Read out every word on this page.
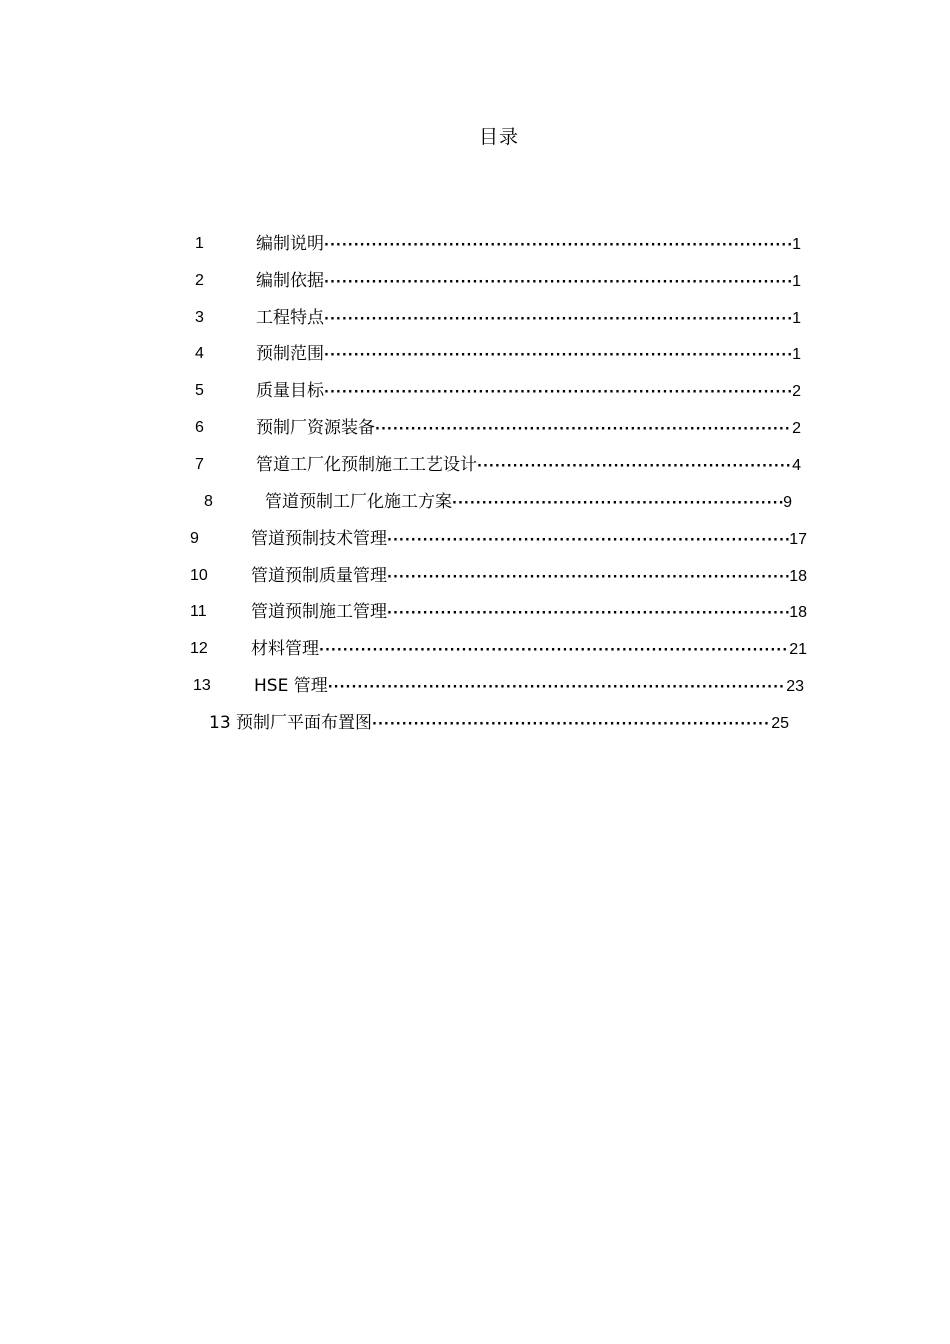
目录
1	编制说明 ·····	1
2	编制依据 ·····	1
3	工程特点 ·····	1
4	预制范围 ·····	1
5	质量目标 ·····	2
6	预制厂资源装备 ·····	2
7	管道工厂化预制施工工艺设计 ·····	4
8	管道预制工厂化施工方案 ·····	9
9	管道预制技术管理 ·····	17
10	管道预制质量管理 ·····	18
11	管道预制施工管理 ·····	18
12	材料管理 ·····	21
13	HSE 管理 ·····	23
13 预制厂平面布置图 ·····	25
